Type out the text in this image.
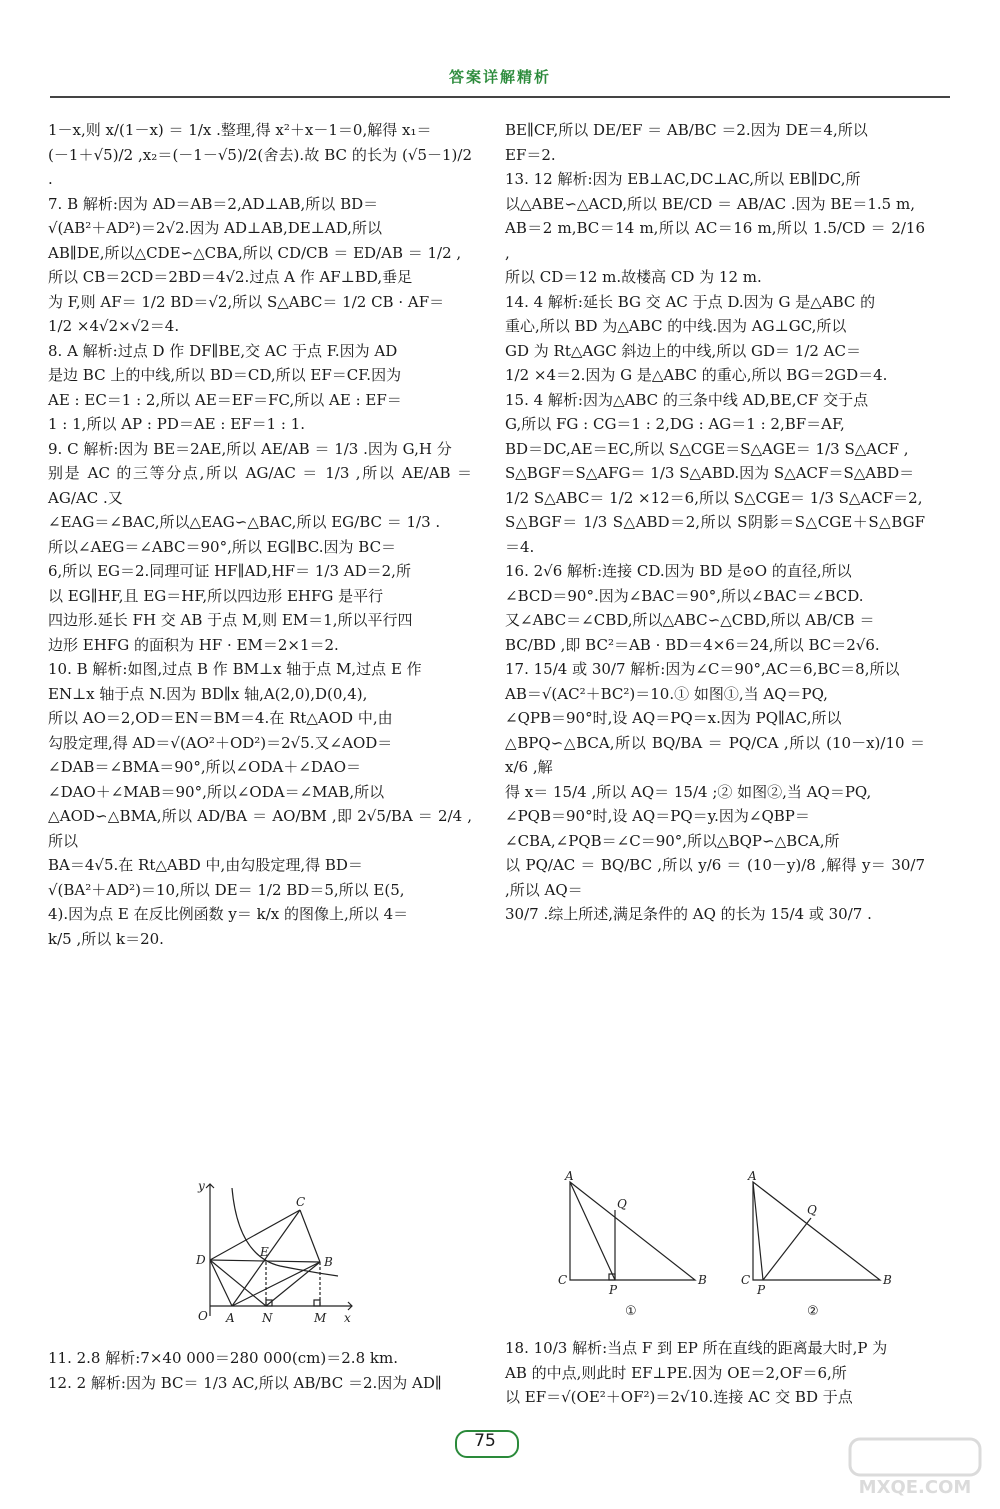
答案详解精析
1－x,则 x/(1－x) ＝ 1/x .整理,得 x²＋x－1＝0,解得 x₁＝
(－1＋√5)/2 ,x₂＝(－1－√5)/2(舍去).故 BC 的长为 (√5－1)/2 .
7. B 解析:因为 AD＝AB＝2,AD⊥AB,所以 BD＝
√(AB²＋AD²)＝2√2.因为 AD⊥AB,DE⊥AD,所以
AB∥DE,所以△CDE∽△CBA,所以 CD/CB ＝ ED/AB ＝ 1/2 ,
所以 CB＝2CD＝2BD＝4√2.过点 A 作 AF⊥BD,垂足
为 F,则 AF＝ 1/2 BD＝√2,所以 S△ABC＝ 1/2 CB · AF＝
1/2 ×4√2×√2＝4.
8. A 解析:过点 D 作 DF∥BE,交 AC 于点 F.因为 AD
是边 BC 上的中线,所以 BD＝CD,所以 EF＝CF.因为
AE : EC＝1 : 2,所以 AE＝EF＝FC,所以 AE : EF＝
1 : 1,所以 AP : PD＝AE : EF＝1 : 1.
9. C 解析:因为 BE＝2AE,所以 AE/AB ＝ 1/3 .因为 G,H 分
别是 AC 的三等分点,所以 AG/AC ＝ 1/3 ,所以 AE/AB ＝ AG/AC .又
∠EAG＝∠BAC,所以△EAG∽△BAC,所以 EG/BC ＝ 1/3 .
所以∠AEG＝∠ABC＝90°,所以 EG∥BC.因为 BC＝
6,所以 EG＝2.同理可证 HF∥AD,HF＝ 1/3 AD＝2,所
以 EG∥HF,且 EG＝HF,所以四边形 EHFG 是平行
四边形.延长 FH 交 AB 于点 M,则 EM＝1,所以平行四
边形 EHFG 的面积为 HF · EM＝2×1＝2.
10. B 解析:如图,过点 B 作 BM⊥x 轴于点 M,过点 E 作
EN⊥x 轴于点 N.因为 BD∥x 轴,A(2,0),D(0,4),
所以 AO＝2,OD＝EN＝BM＝4.在 Rt△AOD 中,由
勾股定理,得 AD＝√(AO²＋OD²)＝2√5.又∠AOD＝
∠DAB＝∠BMA＝90°,所以∠ODA＋∠DAO＝
∠DAO＋∠MAB＝90°,所以∠ODA＝∠MAB,所以
△AOD∽△BMA,所以 AD/BA ＝ AO/BM ,即 2√5/BA ＝ 2/4 ,所以
BA＝4√5.在 Rt△ABD 中,由勾股定理,得 BD＝
√(BA²＋AD²)＝10,所以 DE＝ 1/2 BD＝5,所以 E(5,
4).因为点 E 在反比例函数 y＝ k/x 的图像上,所以 4＝
k/5 ,所以 k＝20.
y
x
O A N	M
D
E
B
C
BE∥CF,所以 DE/EF ＝ AB/BC ＝2.因为 DE＝4,所以
EF＝2.
13. 12 解析:因为 EB⊥AC,DC⊥AC,所以 EB∥DC,所
以△ABE∽△ACD,所以 BE/CD ＝ AB/AC .因为 BE＝1.5 m,
AB＝2 m,BC＝14 m,所以 AC＝16 m,所以 1.5/CD ＝ 2/16 ,
所以 CD＝12 m.故楼高 CD 为 12 m.
14. 4 解析:延长 BG 交 AC 于点 D.因为 G 是△ABC 的
重心,所以 BD 为△ABC 的中线.因为 AG⊥GC,所以
GD 为 Rt△AGC 斜边上的中线,所以 GD＝ 1/2 AC＝
1/2 ×4＝2.因为 G 是△ABC 的重心,所以 BG＝2GD＝4.
15. 4 解析:因为△ABC 的三条中线 AD,BE,CF 交于点
G,所以 FG : CG＝1 : 2,DG : AG＝1 : 2,BF＝AF,
BD＝DC,AE＝EC,所以 S△CGE＝S△AGE＝ 1/3 S△ACF ,
S△BGF＝S△AFG＝ 1/3 S△ABD.因为 S△ACF＝S△ABD＝
1/2 S△ABC＝ 1/2 ×12＝6,所以 S△CGE＝ 1/3 S△ACF＝2,
S△BGF＝ 1/3 S△ABD＝2,所以 S阴影＝S△CGE＋S△BGF＝4.
16. 2√6 解析:连接 CD.因为 BD 是⊙O 的直径,所以
∠BCD＝90°.因为∠BAC＝90°,所以∠BAC＝∠BCD.
又∠ABC＝∠CBD,所以△ABC∽△CBD,所以 AB/CB ＝
BC/BD ,即 BC²＝AB · BD＝4×6＝24,所以 BC＝2√6.
17. 15/4 或 30/7 解析:因为∠C＝90°,AC＝6,BC＝8,所以
AB＝√(AC²＋BC²)＝10.① 如图①,当 AQ＝PQ,
∠QPB＝90°时,设 AQ＝PQ＝x.因为 PQ∥AC,所以
△BPQ∽△BCA,所以 BQ/BA ＝ PQ/CA ,所以 (10－x)/10 ＝ x/6 ,解
得 x＝ 15/4 ,所以 AQ＝ 15/4 ;② 如图②,当 AQ＝PQ,
∠PQB＝90°时,设 AQ＝PQ＝y.因为∠QBP＝
∠CBA,∠PQB＝∠C＝90°,所以△BQP∽△BCA,所
以 PQ/AC ＝ BQ/BC ,所以 y/6 ＝ (10－y)/8 ,解得 y＝ 30/7 ,所以 AQ＝
30/7 .综上所述,满足条件的 AQ 的长为 15/4 或 30/7 .
A
Q
C
P
B
A
Q
C
P
B
①	②
75
MXQE.COM
11. 2.8 解析:7×40 000＝280 000(cm)＝2.8 km.
12. 2 解析:因为 BC＝ 1/3 AC,所以 AB/BC ＝2.因为 AD∥
18. 10/3 解析:当点 F 到 EP 所在直线的距离最大时,P 为
AB 的中点,则此时 EF⊥PE.因为 OE＝2,OF＝6,所
以 EF＝√(OE²＋OF²)＝2√10.连接 AC 交 BD 于点
